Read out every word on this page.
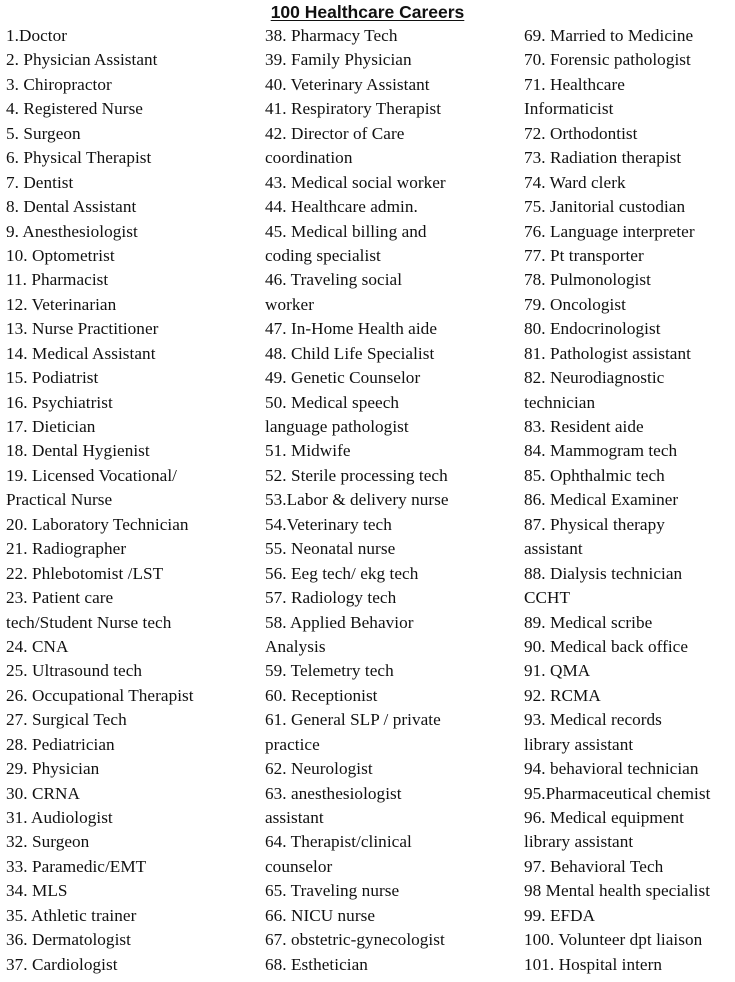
100 Healthcare Careers
1.Doctor
2. Physician Assistant
3. Chiropractor
4. Registered Nurse
5. Surgeon
6. Physical Therapist
7. Dentist
8. Dental Assistant
9. Anesthesiologist
10. Optometrist
11. Pharmacist
12. Veterinarian
13. Nurse Practitioner
14. Medical Assistant
15. Podiatrist
16. Psychiatrist
17. Dietician
18. Dental Hygienist
19. Licensed Vocational/
Practical Nurse
20. Laboratory Technician
21. Radiographer
22. Phlebotomist /LST
23. Patient care
tech/Student Nurse tech
24. CNA
25. Ultrasound tech
26. Occupational Therapist
27. Surgical Tech
28. Pediatrician
29. Physician
30. CRNA
31. Audiologist
32. Surgeon
33. Paramedic/EMT
34. MLS
35. Athletic trainer
36. Dermatologist
37. Cardiologist
38. Pharmacy Tech
39. Family Physician
40. Veterinary Assistant
41. Respiratory Therapist
42. Director of Care
coordination
43. Medical social worker
44. Healthcare admin.
45. Medical billing and
coding specialist
46. Traveling social
worker
47. In-Home Health aide
48. Child Life Specialist
49. Genetic Counselor
50. Medical speech
language pathologist
51. Midwife
52. Sterile processing tech
53.Labor & delivery nurse
54.Veterinary tech
55. Neonatal nurse
56. Eeg tech/ ekg tech
57. Radiology tech
58. Applied Behavior
Analysis
59. Telemetry tech
60. Receptionist
61. General SLP / private
practice
62. Neurologist
63. anesthesiologist
assistant
64. Therapist/clinical
counselor
65. Traveling nurse
66. NICU nurse
67. obstetric-gynecologist
68. Esthetician
69. Married to Medicine
70. Forensic pathologist
71. Healthcare
Informaticist
72. Orthodontist
73. Radiation therapist
74. Ward clerk
75. Janitorial custodian
76. Language interpreter
77. Pt transporter
78. Pulmonologist
79. Oncologist
80. Endocrinologist
81. Pathologist assistant
82. Neurodiagnostic
technician
83. Resident aide
84. Mammogram tech
85. Ophthalmic tech
86. Medical Examiner
87. Physical therapy
assistant
88. Dialysis technician
CCHT
89. Medical scribe
90. Medical back office
91. QMA
92. RCMA
93. Medical records
library assistant
94. behavioral technician
95.Pharmaceutical chemist
96. Medical equipment
library assistant
97. Behavioral Tech
98 Mental health specialist
99. EFDA
100. Volunteer dpt liaison
101. Hospital intern
